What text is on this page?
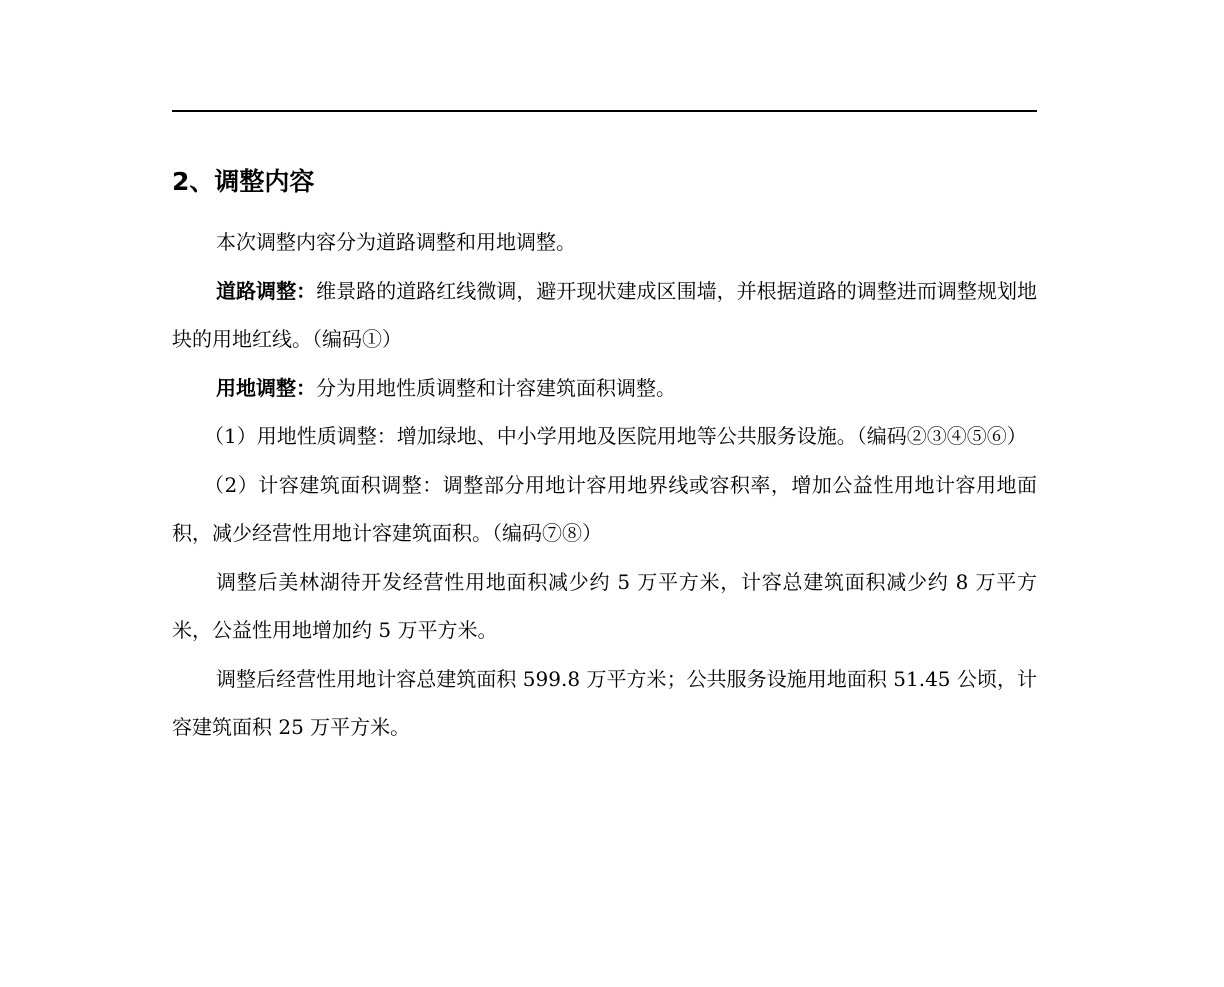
2、调整内容

本次调整内容分为道路调整和用地调整。

道路调整：维景路的道路红线微调，避开现状建成区围墙，并根据道路的调整进而调整规划地块的用地红线。（编码①）

用地调整：分为用地性质调整和计容建筑面积调整。

（1）用地性质调整：增加绿地、中小学用地及医院用地等公共服务设施。（编码②③④⑤⑥）

（2）计容建筑面积调整：调整部分用地计容用地界线或容积率，增加公益性用地计容用地面积，减少经营性用地计容建筑面积。（编码⑦⑧）

调整后美林湖待开发经营性用地面积减少约 5 万平方米，计容总建筑面积减少约 8 万平方米，公益性用地增加约 5 万平方米。

调整后经营性用地计容总建筑面积 599.8 万平方米；公共服务设施用地面积 51.45 公顷，计容建筑面积 25 万平方米。
